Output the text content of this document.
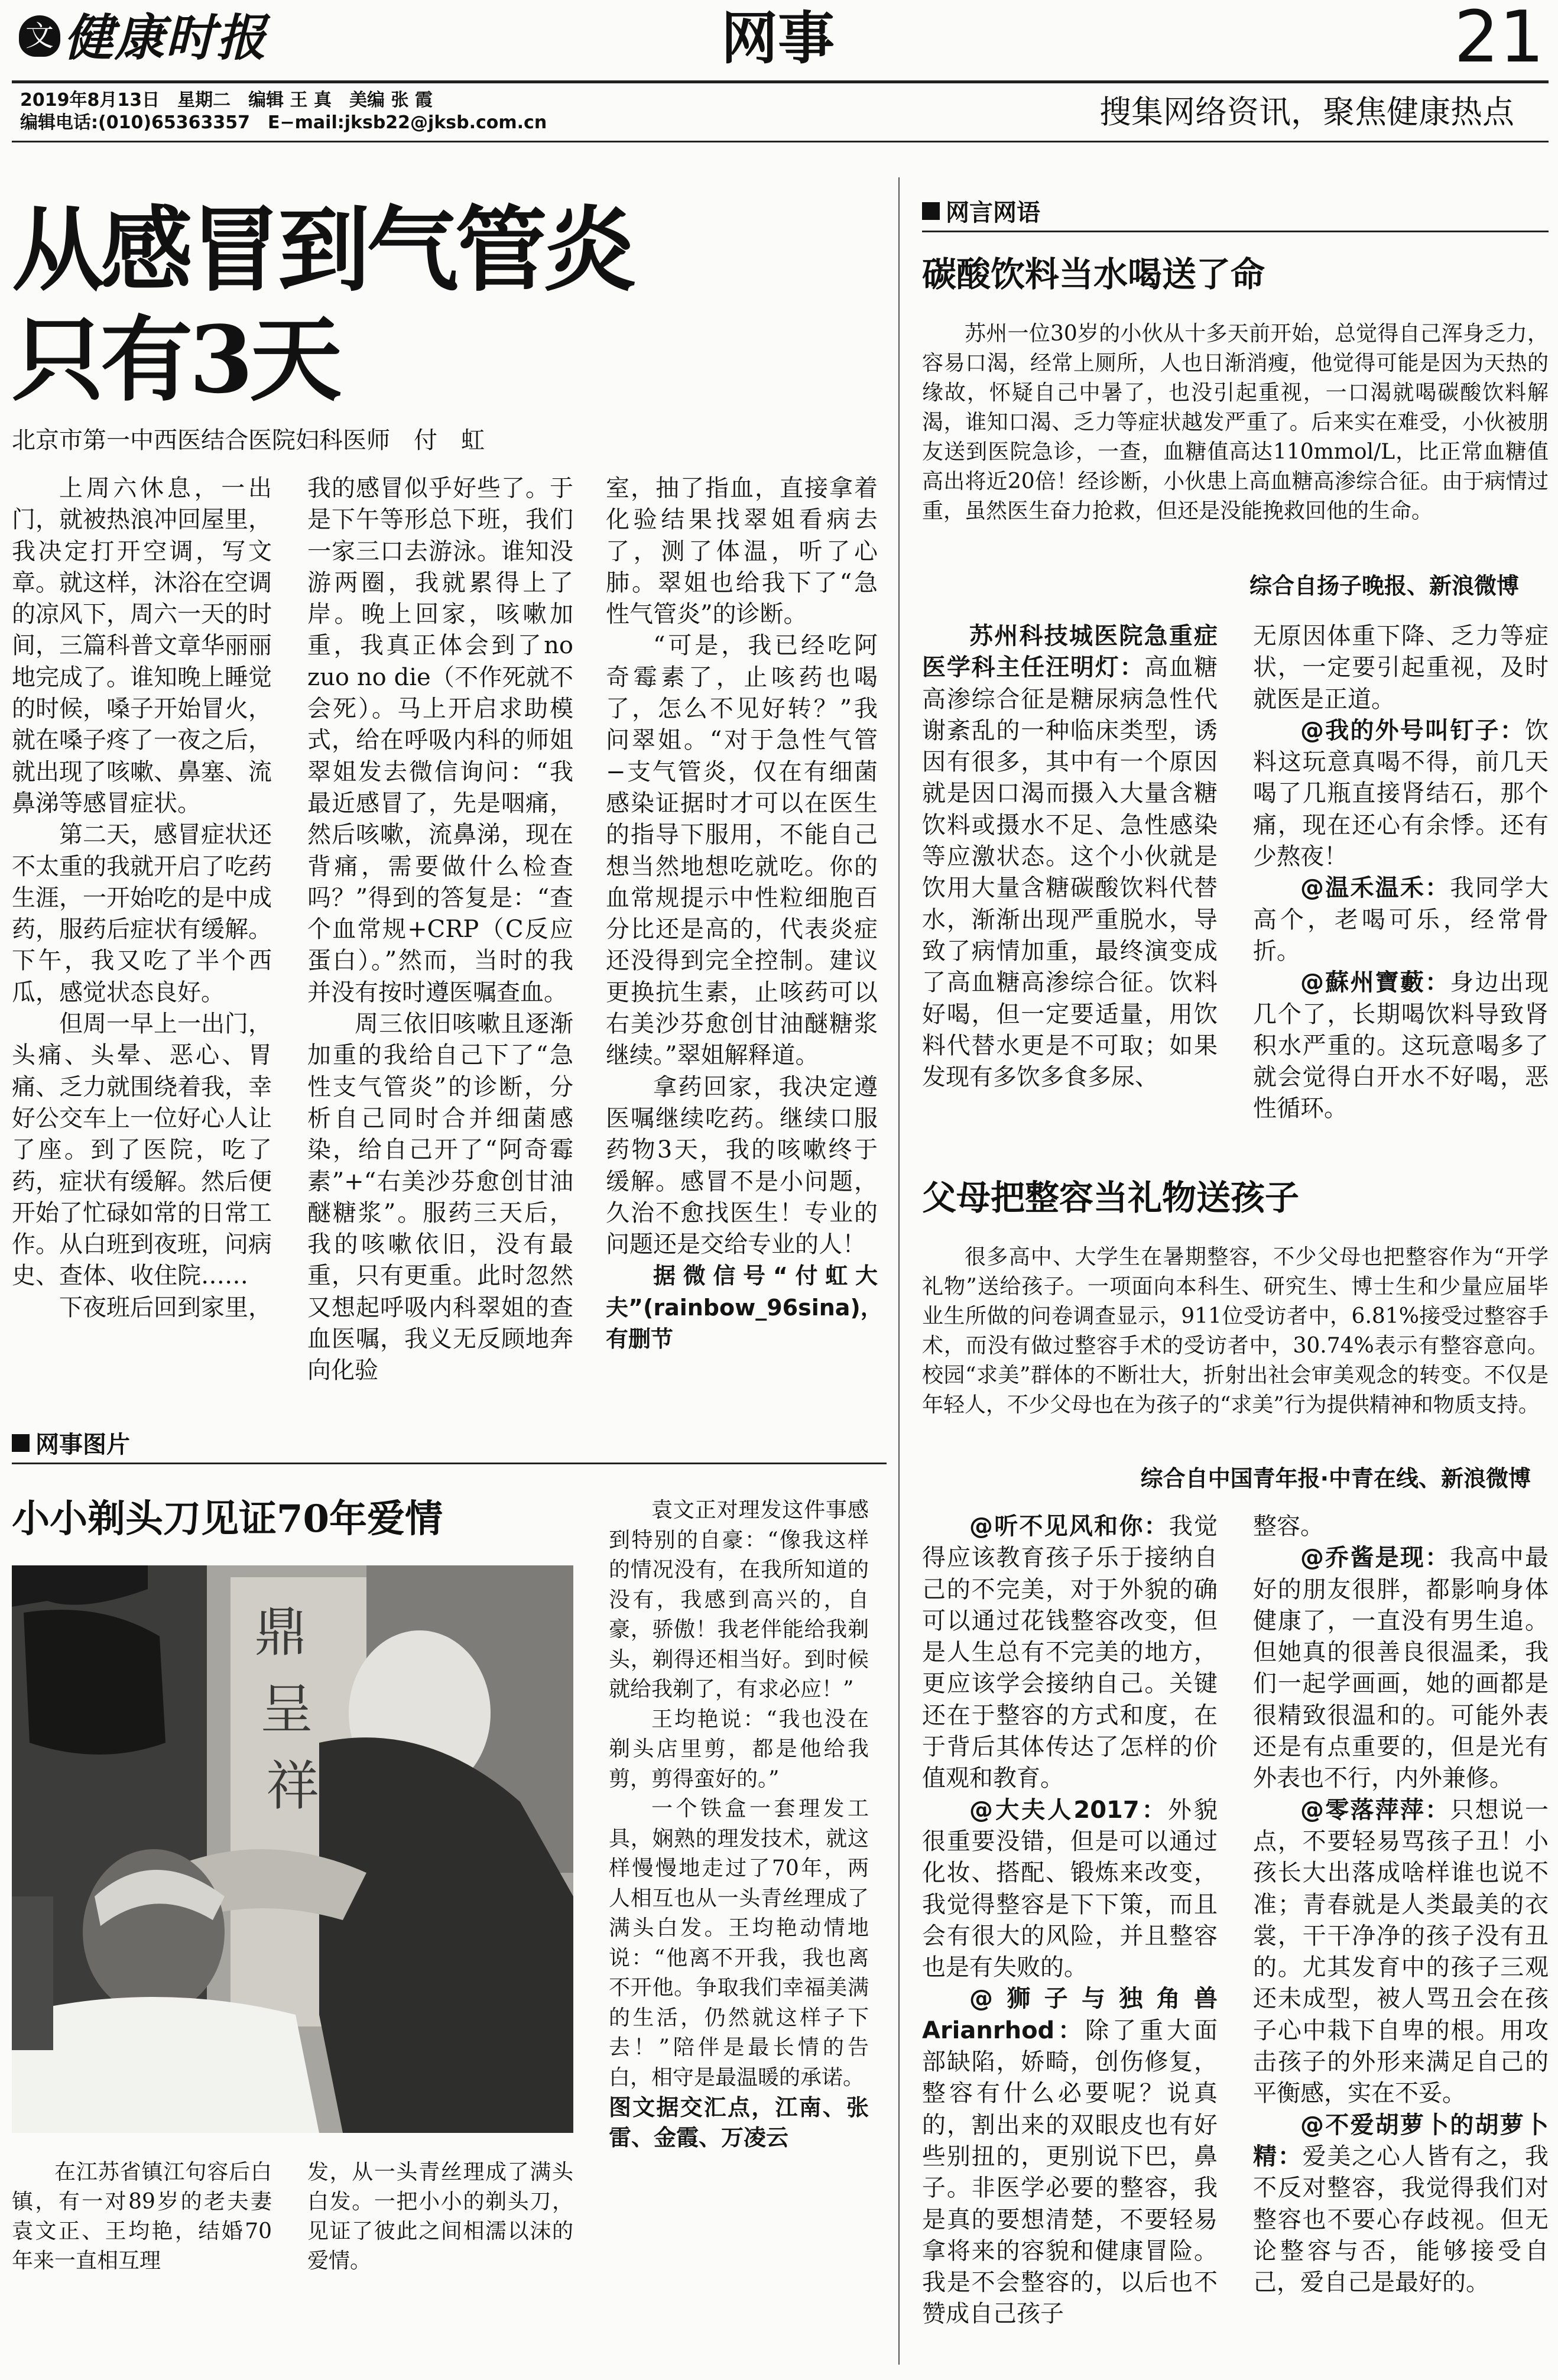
文 健康时报	网事	21
2019年8月13日　星期二　编辑 王 真　美编 张 霞
编辑电话:(010)65363357　E−mail:jksb22@jksb.com.cn	搜集网络资讯，聚焦健康热点
从感冒到气管炎
只有3天
北京市第一中西医结合医院妇科医师　付　虹

上周六休息，一出门，就被热浪冲回屋里，我决定打开空调，写文章。就这样，沐浴在空调的凉风下，周六一天的时间，三篇科普文章华丽丽地完成了。谁知晚上睡觉的时候，嗓子开始冒火，就在嗓子疼了一夜之后，就出现了咳嗽、鼻塞、流鼻涕等感冒症状。

第二天，感冒症状还不太重的我就开启了吃药生涯，一开始吃的是中成药，服药后症状有缓解。下午，我又吃了半个西瓜，感觉状态良好。

但周一早上一出门，头痛、头晕、恶心、胃痛、乏力就围绕着我，幸好公交车上一位好心人让了座。到了医院，吃了药，症状有缓解。然后便开始了忙碌如常的日常工作。从白班到夜班，问病史、查体、收住院……

下夜班后回到家里，

我的感冒似乎好些了。于是下午等形总下班，我们一家三口去游泳。谁知没游两圈，我就累得上了岸。晚上回家，咳嗽加重，我真正体会到了no zuo no die（不作死就不会死）。马上开启求助模式，给在呼吸内科的师姐翠姐发去微信询问：“我最近感冒了，先是咽痛，然后咳嗽，流鼻涕，现在背痛，需要做什么检查吗？”得到的答复是：“查个血常规+CRP（C反应蛋白）。”然而，当时的我并没有按时遵医嘱查血。

周三依旧咳嗽且逐渐加重的我给自己下了“急性支气管炎”的诊断，分析自己同时合并细菌感染，给自己开了“阿奇霉素”+“右美沙芬愈创甘油醚糖浆”。服药三天后，我的咳嗽依旧，没有最重，只有更重。此时忽然又想起呼吸内科翠姐的查血医嘱，我义无反顾地奔向化验

室，抽了指血，直接拿着化验结果找翠姐看病去了，测了体温，听了心肺。翠姐也给我下了“急性气管炎”的诊断。

“可是，我已经吃阿奇霉素了，止咳药也喝了，怎么不见好转？”我问翠姐。“对于急性气管−支气管炎，仅在有细菌感染证据时才可以在医生的指导下服用，不能自己想当然地想吃就吃。你的血常规提示中性粒细胞百分比还是高的，代表炎症还没得到完全控制。建议更换抗生素，止咳药可以右美沙芬愈创甘油醚糖浆继续。”翠姐解释道。

拿药回家，我决定遵医嘱继续吃药。继续口服药物3天，我的咳嗽终于缓解。感冒不是小问题，久治不愈找医生！专业的问题还是交给专业的人！

据微信号“付虹大夫”(rainbow_96sina)，有删节

网事图片
小小剃头刀见证70年爱情
鼎
呈
祥

袁文正对理发这件事感到特别的自豪：“像我这样的情况没有，在我所知道的没有，我感到高兴的，自豪，骄傲！我老伴能给我剃头，剃得还相当好。到时候就给我剃了，有求必应！”

王均艳说：“我也没在剃头店里剪，都是他给我剪，剪得蛮好的。”

一个铁盒一套理发工具，娴熟的理发技术，就这样慢慢地走过了70年，两人相互也从一头青丝理成了满头白发。王均艳动情地说：“他离不开我，我也离不开他。争取我们幸福美满的生活，仍然就这样子下去！”陪伴是最长情的告白，相守是最温暖的承诺。

图文据交汇点，江南、张雷、金霞、万凌云

在江苏省镇江句容后白镇，有一对89岁的老夫妻袁文正、王均艳，结婚70年来一直相互理

发，从一头青丝理成了满头白发。一把小小的剃头刀，见证了彼此之间相濡以沫的爱情。

网言网语
碳酸饮料当水喝送了命

苏州一位30岁的小伙从十多天前开始，总觉得自己浑身乏力，容易口渴，经常上厕所，人也日渐消瘦，他觉得可能是因为天热的缘故，怀疑自己中暑了，也没引起重视，一口渴就喝碳酸饮料解渴，谁知口渴、乏力等症状越发严重了。后来实在难受，小伙被朋友送到医院急诊，一查，血糖值高达110mmol/L，比正常血糖值高出将近20倍！经诊断，小伙患上高血糖高渗综合征。由于病情过重，虽然医生奋力抢救，但还是没能挽救回他的生命。

综合自扬子晚报、新浪微博

苏州科技城医院急重症医学科主任汪明灯：高血糖高渗综合征是糖尿病急性代谢紊乱的一种临床类型，诱因有很多，其中有一个原因就是因口渴而摄入大量含糖饮料或摄水不足、急性感染等应激状态。这个小伙就是饮用大量含糖碳酸饮料代替水，渐渐出现严重脱水，导致了病情加重，最终演变成了高血糖高渗综合征。饮料好喝，但一定要适量，用饮料代替水更是不可取；如果发现有多饮多食多尿、

无原因体重下降、乏力等症状，一定要引起重视，及时就医是正道。

@我的外号叫钉子：饮料这玩意真喝不得，前几天喝了几瓶直接肾结石，那个痛，现在还心有余悸。还有少熬夜！

@温禾温禾：我同学大高个，老喝可乐，经常骨折。

@蘇州寶藪：身边出现几个了，长期喝饮料导致肾积水严重的。这玩意喝多了就会觉得白开水不好喝，恶性循环。

父母把整容当礼物送孩子

很多高中、大学生在暑期整容，不少父母也把整容作为“开学礼物”送给孩子。一项面向本科生、研究生、博士生和少量应届毕业生所做的问卷调查显示，911位受访者中，6.81%接受过整容手术，而没有做过整容手术的受访者中，30.74%表示有整容意向。校园“求美”群体的不断壮大，折射出社会审美观念的转变。不仅是年轻人，不少父母也在为孩子的“求美”行为提供精神和物质支持。

综合自中国青年报·中青在线、新浪微博

@听不见风和你：我觉得应该教育孩子乐于接纳自己的不完美，对于外貌的确可以通过花钱整容改变，但是人生总有不完美的地方，更应该学会接纳自己。关键还在于整容的方式和度，在于背后其体传达了怎样的价值观和教育。

@大夫人2017：外貌很重要没错，但是可以通过化妆、搭配、锻炼来改变，我觉得整容是下下策，而且会有很大的风险，并且整容也是有失败的。

@狮子与独角兽Arianrhod：除了重大面部缺陷，娇畸，创伤修复，整容有什么必要呢？说真的，割出来的双眼皮也有好些别扭的，更别说下巴，鼻子。非医学必要的整容，我是真的要想清楚，不要轻易拿将来的容貌和健康冒险。我是不会整容的，以后也不赞成自己孩子

整容。

@乔酱是现：我高中最好的朋友很胖，都影响身体健康了，一直没有男生追。但她真的很善良很温柔，我们一起学画画，她的画都是很精致很温和的。可能外表还是有点重要的，但是光有外表也不行，内外兼修。

@零落萍萍：只想说一点，不要轻易骂孩子丑！小孩长大出落成啥样谁也说不准；青春就是人类最美的衣裳，干干净净的孩子没有丑的。尤其发育中的孩子三观还未成型，被人骂丑会在孩子心中栽下自卑的根。用攻击孩子的外形来满足自己的平衡感，实在不妥。

@不爱胡萝卜的胡萝卜精：爱美之心人皆有之，我不反对整容，我觉得我们对整容也不要心存歧视。但无论整容与否，能够接受自己，爱自己是最好的。
